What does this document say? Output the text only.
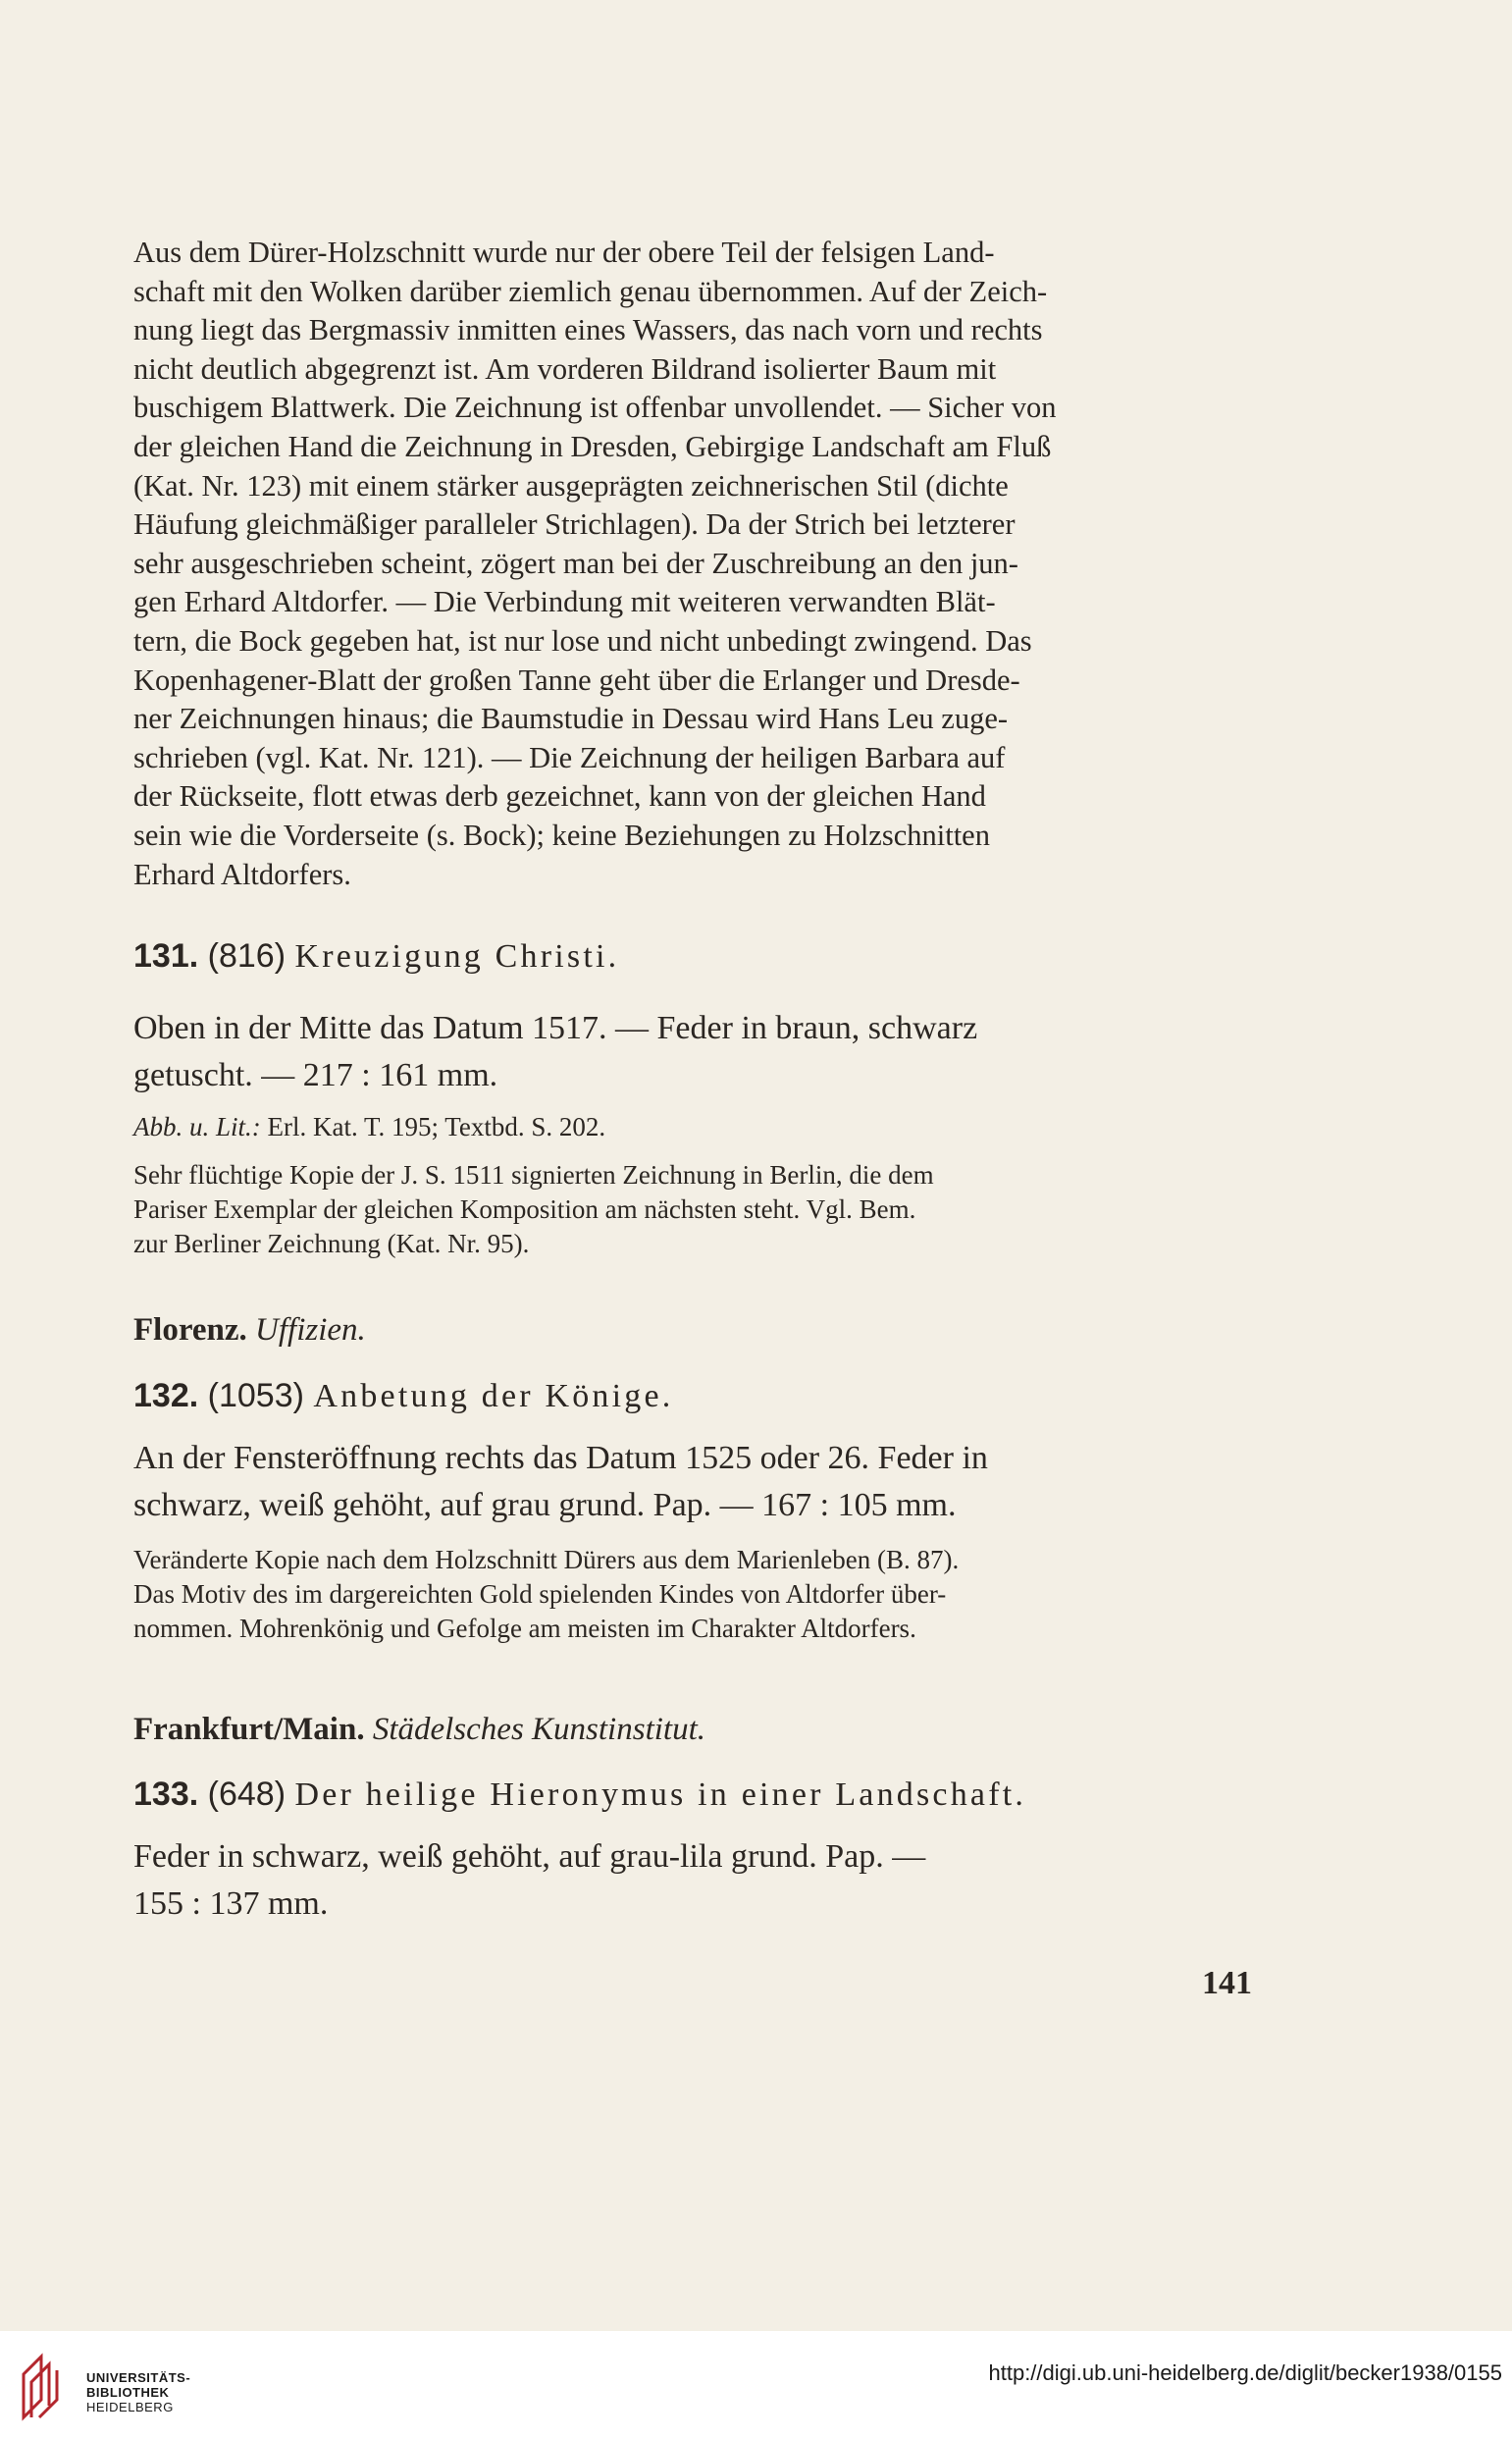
Aus dem Dürer-Holzschnitt wurde nur der obere Teil der felsigen Land-

schaft mit den Wolken darüber ziemlich genau übernommen. Auf der Zeich-

nung liegt das Bergmassiv inmitten eines Wassers, das nach vorn und rechts

nicht deutlich abgegrenzt ist. Am vorderen Bildrand isolierter Baum mit

buschigem Blattwerk. Die Zeichnung ist offenbar unvollendet. — Sicher von

der gleichen Hand die Zeichnung in Dresden, Gebirgige Landschaft am Fluß

(Kat. Nr. 123) mit einem stärker ausgeprägten zeichnerischen Stil (dichte

Häufung gleichmäßiger paralleler Strichlagen). Da der Strich bei letzterer

sehr ausgeschrieben scheint, zögert man bei der Zuschreibung an den jun-

gen Erhard Altdorfer. — Die Verbindung mit weiteren verwandten Blät-

tern, die Bock gegeben hat, ist nur lose und nicht unbedingt zwingend. Das

Kopenhagener-Blatt der großen Tanne geht über die Erlanger und Dresde-

ner Zeichnungen hinaus; die Baumstudie in Dessau wird Hans Leu zuge-

schrieben (vgl. Kat. Nr. 121). — Die Zeichnung der heiligen Barbara auf

der Rückseite, flott etwas derb gezeichnet, kann von der gleichen Hand

sein wie die Vorderseite (s. Bock); keine Beziehungen zu Holzschnitten

Erhard Altdorfers.

131. (816) Kreuzigung Christi.
Oben in der Mitte das Datum 1517. — Feder in braun, schwarz
getuscht. — 217 : 161 mm.
Abb. u. Lit.: Erl. Kat. T. 195; Textbd. S. 202.
Sehr flüchtige Kopie der J. S. 1511 signierten Zeichnung in Berlin, die dem
Pariser Exemplar der gleichen Komposition am nächsten steht. Vgl. Bem.
zur Berliner Zeichnung (Kat. Nr. 95).
Florenz. Uffizien.
132. (1053) Anbetung der Könige.
An der Fensteröffnung rechts das Datum 1525 oder 26. Feder in
schwarz, weiß gehöht, auf grau grund. Pap. — 167 : 105 mm.
Veränderte Kopie nach dem Holzschnitt Dürers aus dem Marienleben (B. 87).
Das Motiv des im dargereichten Gold spielenden Kindes von Altdorfer über-
nommen. Mohrenkönig und Gefolge am meisten im Charakter Altdorfers.
Frankfurt/Main. Städelsches Kunstinstitut.
133. (648) Der heilige Hieronymus in einer Landschaft.
Feder in schwarz, weiß gehöht, auf grau-lila grund. Pap. —
155 : 137 mm.
141
UNIVERSITÄTS-
BIBLIOTHEK
HEIDELBERG
http://digi.ub.uni-heidelberg.de/diglit/becker1938/0155
